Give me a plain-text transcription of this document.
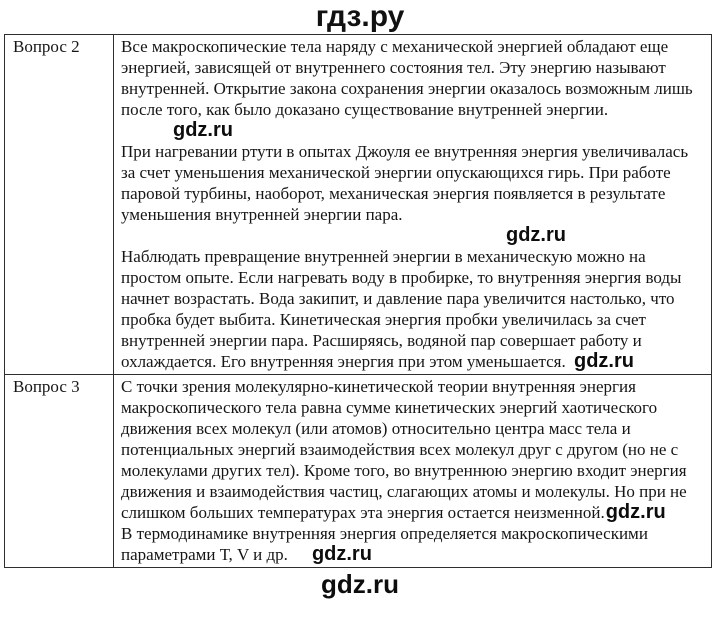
гдз.ру
Вопрос 2	Все макроскопические тела наряду с механической энергией обладают еще энергией, зависящей от внутреннего состояния тел. Эту энергию называют внутренней. Открытие закона сохранения энергии оказалось возможным лишь после того, как было доказано существование внутренней энергии.

gdz.ru

При нагревании ртути в опытах Джоуля ее внутренняя энергия увеличивалась за счет уменьшения механической энергии опускающихся гирь. При работе паровой турбины, наоборот, механическая энергия появляется в результате уменьшения внутренней энергии пара.

gdz.ru

Наблюдать превращение внутренней энергии в механическую можно на простом опыте. Если нагревать воду в пробирке, то внутренняя энергия воды начнет возрастать. Вода закипит, и давление пара увеличится настолько, что пробка будет выбита. Кинетическая энергия пробки увеличилась за счет внутренней энергии пара. Расширяясь, водяной пар совершает работу и охлаждается. Его внутренняя энергия при этом уменьшается. gdz.ru

Вопрос 3	С точки зрения молекулярно-кинетической теории внутренняя энергия макроскопического тела равна сумме кинетических энергий хаотического движения всех молекул (или атомов) относительно центра масс тела и потенциальных энергий взаимодействия всех молекул друг с другом (но не с молекулами других тел). Кроме того, во внутреннюю энергию входит энергия движения и взаимодействия частиц, слагающих атомы и молекулы. Но при не слишком больших температурах эта энергия остается неизменной.gdz.ru

В термодинамике внутренняя энергия определяется макроскопическими параметрами Т, V и др. gdz.ru

gdz.ru
